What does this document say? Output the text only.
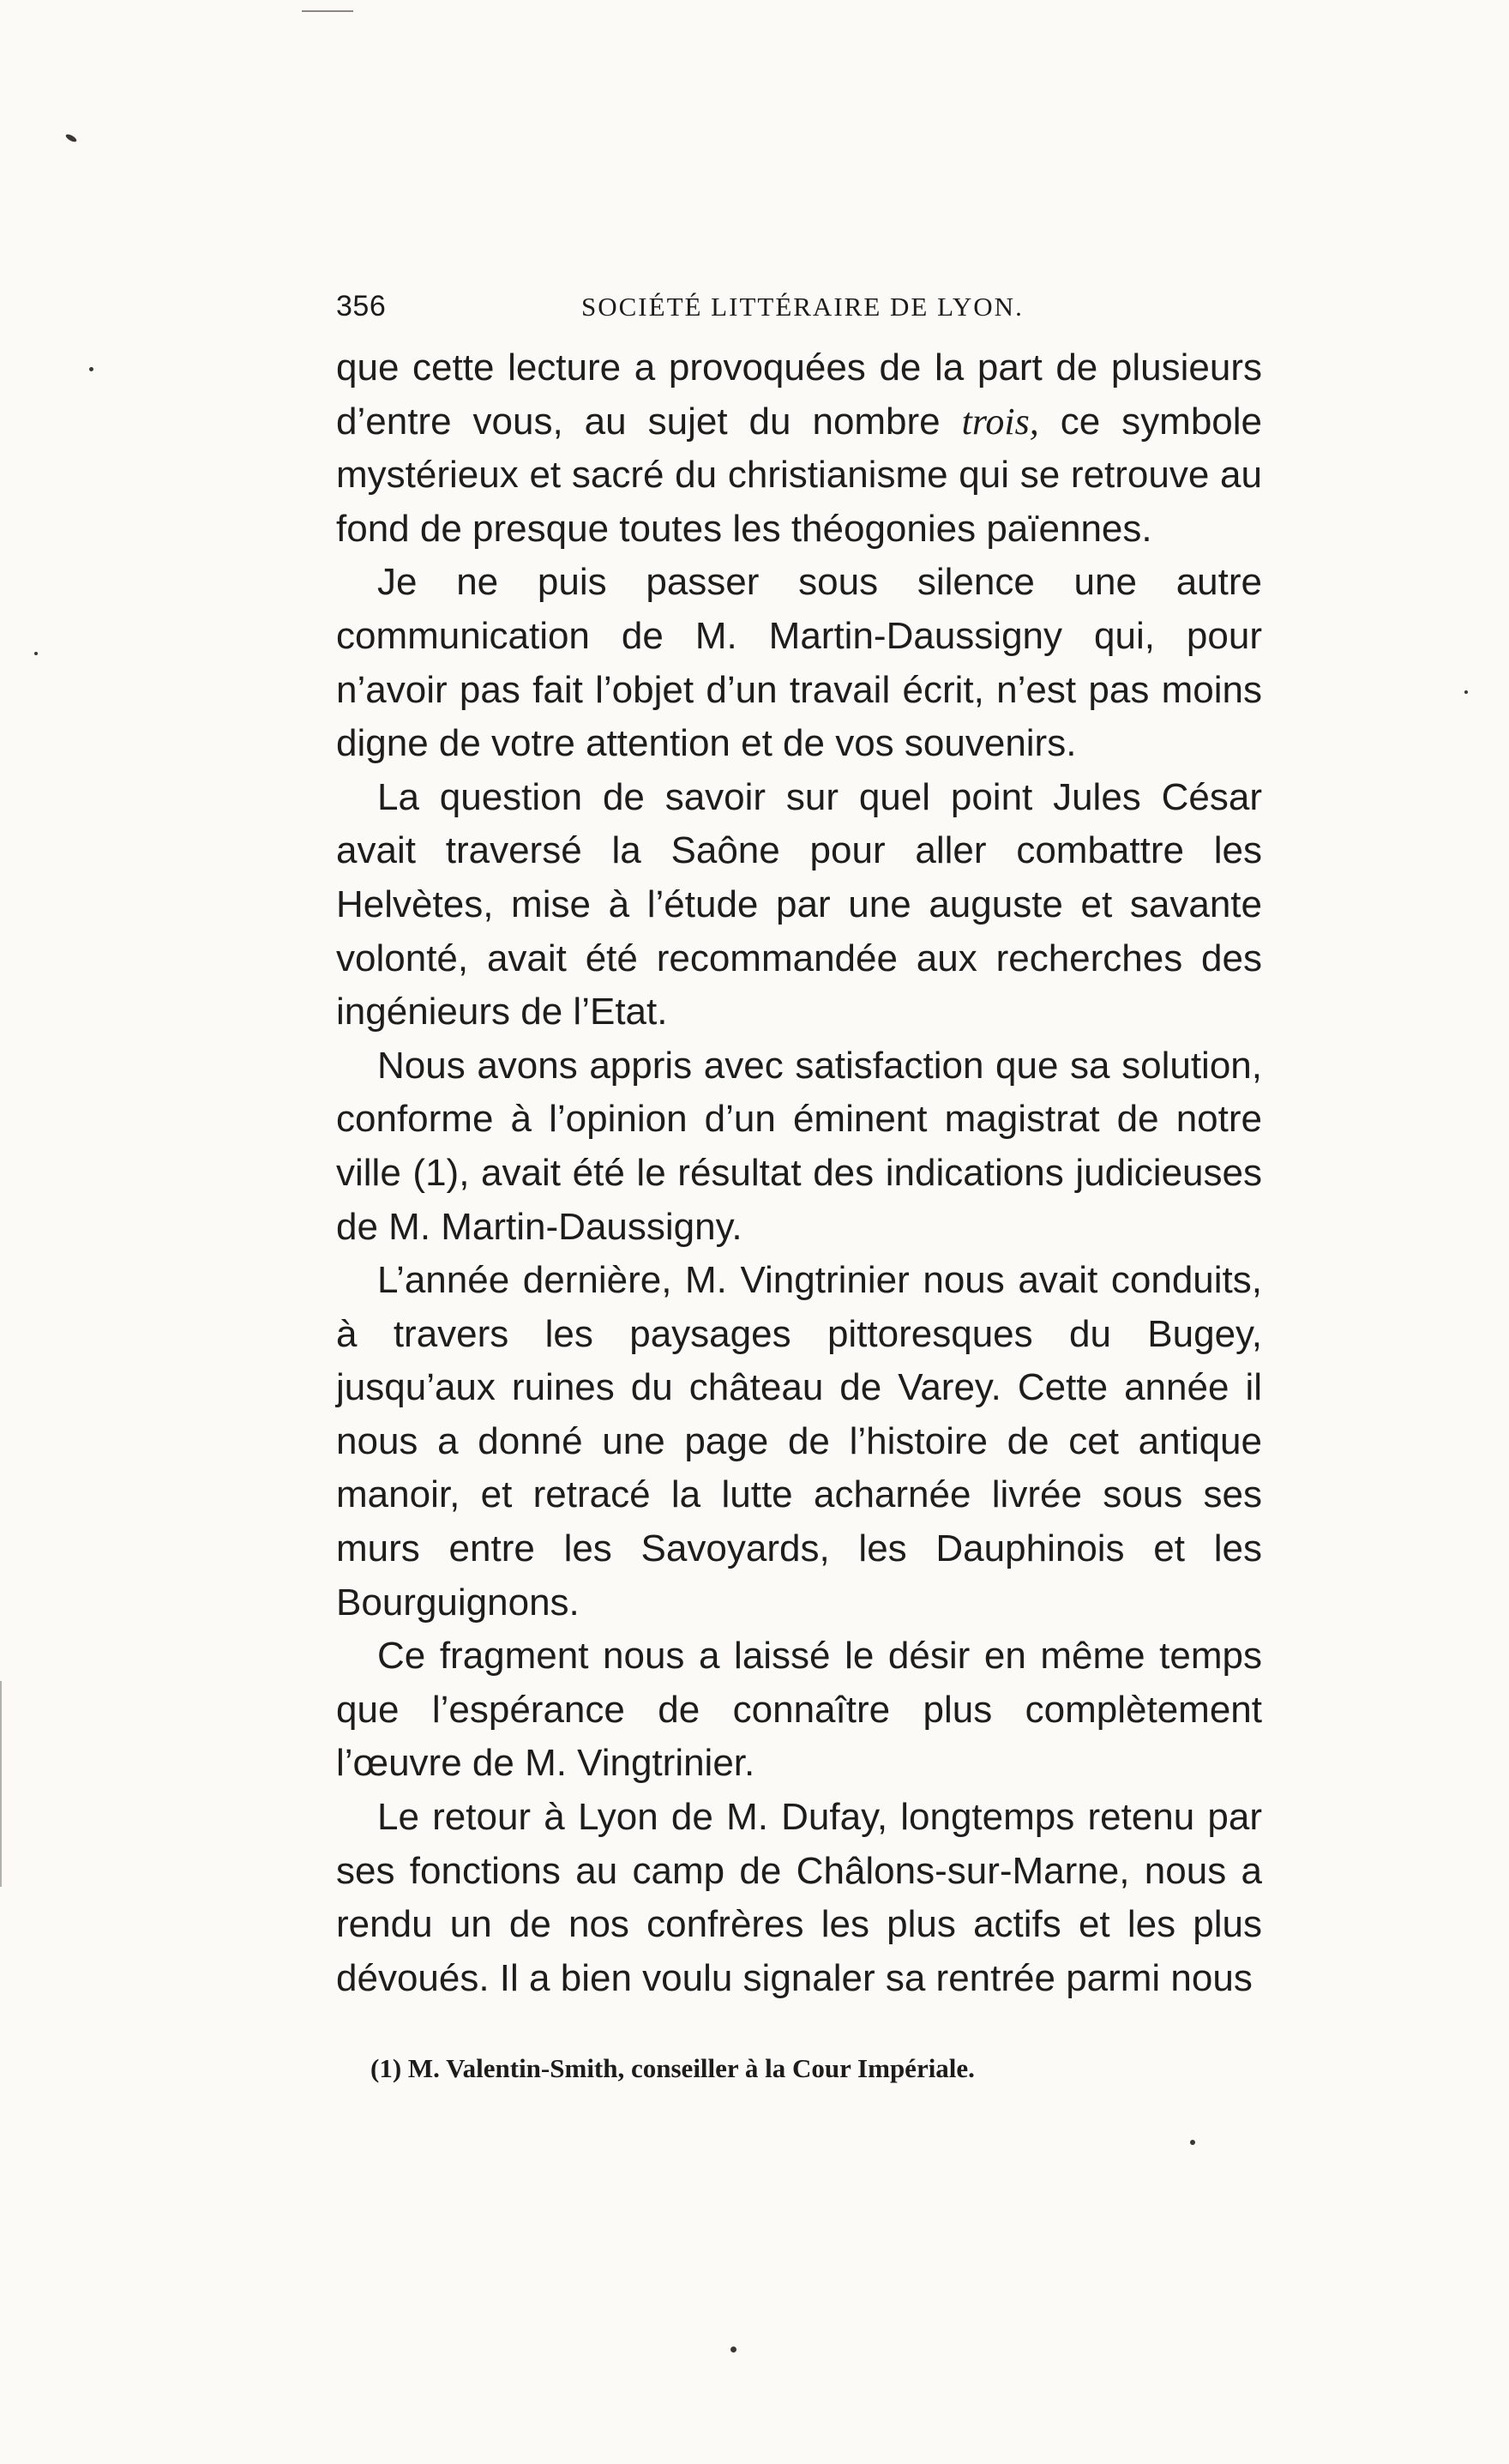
356	SOCIÉTÉ LITTÉRAIRE DE LYON.

que cette lecture a provoquées de la part de plusieurs d’entre vous, au sujet du nombre trois, ce symbole mystérieux et sacré du christianisme qui se retrouve au fond de presque toutes les théogonies païennes.

Je ne puis passer sous silence une autre communication de M. Martin-Daussigny qui, pour n’avoir pas fait l’objet d’un travail écrit, n’est pas moins digne de votre attention et de vos souvenirs.

La question de savoir sur quel point Jules César avait traversé la Saône pour aller combattre les Helvètes, mise à l’étude par une auguste et savante volonté, avait été recommandée aux recherches des ingénieurs de l’Etat.

Nous avons appris avec satisfaction que sa solution, conforme à l’opinion d’un éminent magistrat de notre ville (1), avait été le résultat des indications judicieuses de M. Martin-Daussigny.

L’année dernière, M. Vingtrinier nous avait conduits, à travers les paysages pittoresques du Bugey, jusqu’aux ruines du château de Varey. Cette année il nous a donné une page de l’histoire de cet antique manoir, et retracé la lutte acharnée livrée sous ses murs entre les Savoyards, les Dauphinois et les Bourguignons.

Ce fragment nous a laissé le désir en même temps que l’espérance de connaître plus complètement l’œuvre de M. Vingtrinier.

Le retour à Lyon de M. Dufay, longtemps retenu par ses fonctions au camp de Châlons-sur-Marne, nous a rendu un de nos confrères les plus actifs et les plus dévoués. Il a bien voulu signaler sa rentrée parmi nous

(1) M. Valentin-Smith, conseiller à la Cour Impériale.
